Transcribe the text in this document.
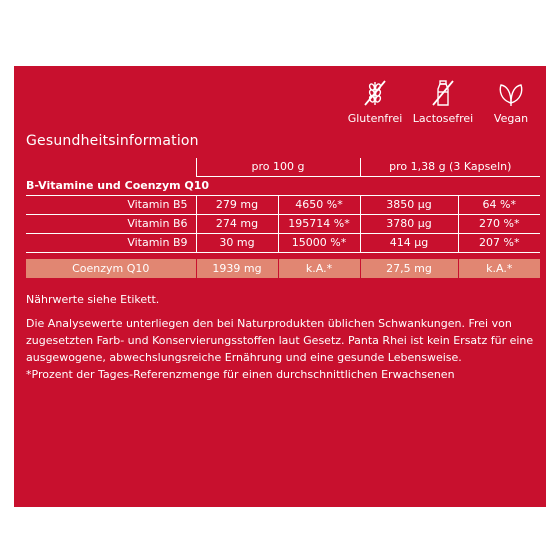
Glutenfrei Lactosefrei Vegan
Gesundheitsinformation
	pro 100 g		pro 1,38 g (3 Kapseln)	
B-Vitamine und Coenzym Q10				
Vitamin B5	279 mg	4650 %*	3850 µg	64 %*
Vitamin B6	274 mg	195714 %*	3780 µg	270 %*
Vitamin B9	30 mg	15000 %*	414 µg	207 %*

Coenzym Q10	1939 mg	k.A.*	27,5 mg	k.A.*
Nährwerte siehe Etikett.
Die Analysewerte unterliegen den bei Naturprodukten üblichen Schwankungen. Frei von zugesetzten Farb- und Konservierungsstoffen laut Gesetz. Panta Rhei ist kein Ersatz für eine ausgewogene, abwechslungsreiche Ernährung und eine gesunde Lebensweise.
*Prozent der Tages-Referenzmenge für einen durchschnittlichen Erwachsenen
